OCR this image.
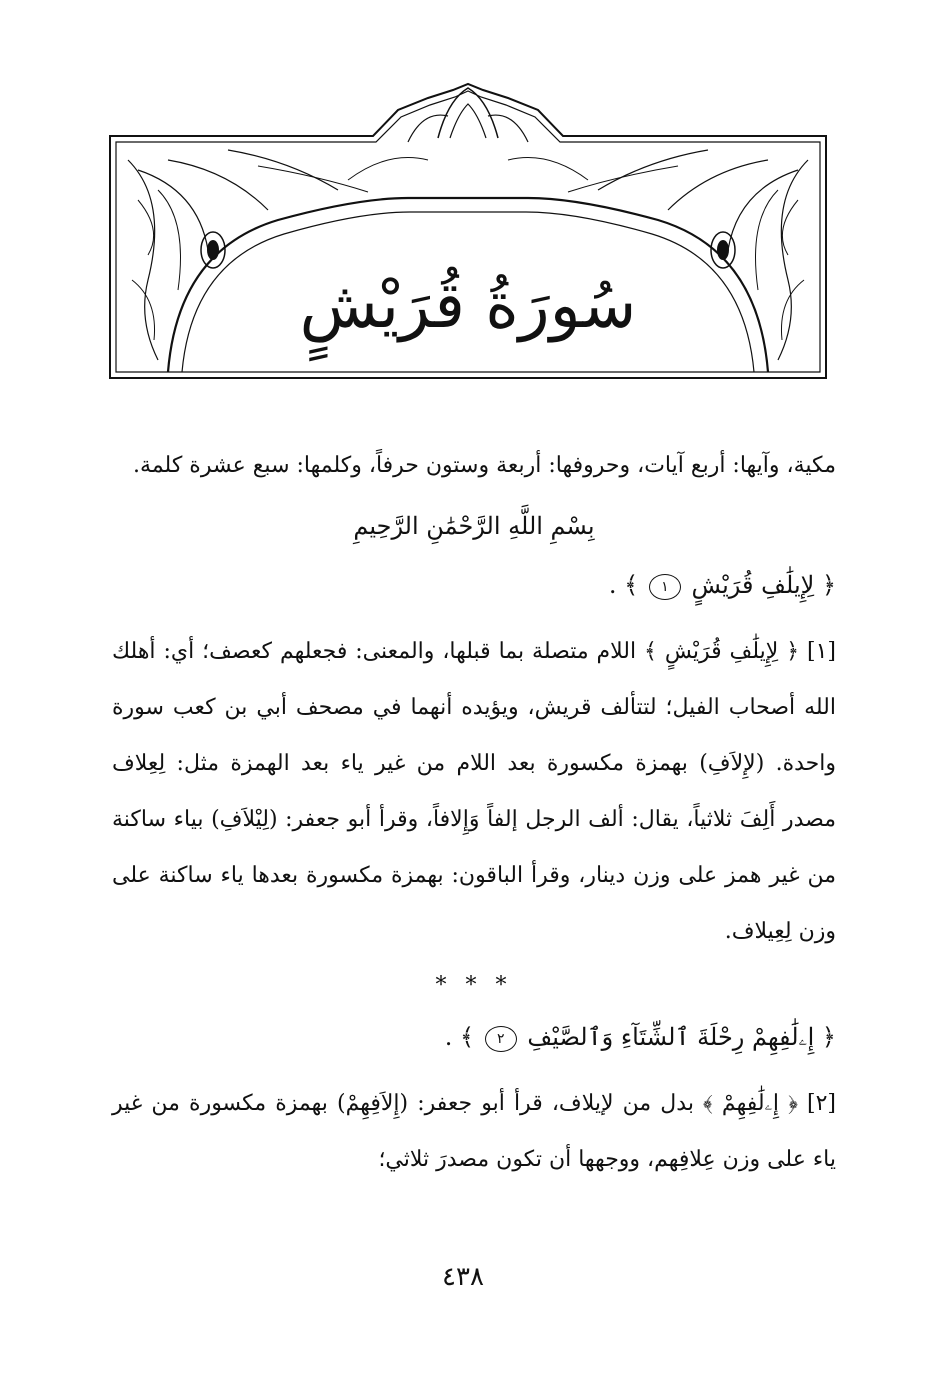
سُورَةُ قُرَيْشٍ

مكية، وآيها: أربع آيات، وحروفها: أربعة وستون حرفاً، وكلمها: سبع عشرة كلمة.

بِسْمِ اللَّهِ الرَّحْمَٰنِ الرَّحِيمِ

﴿ لِإِيلَٰفِ قُرَيْشٍ ١ ﴾ .

[١] ﴿ لِإِيلَٰفِ قُرَيْشٍ ﴾ اللام متصلة بما قبلها، والمعنى: فجعلهم كعصف؛ أي: أهلك الله أصحاب الفيل؛ لتتألف قريش، ويؤيده أنهما في مصحف أبي بن كعب سورة واحدة. (لإِلاَفِ) بهمزة مكسورة بعد اللام من غير ياء بعد الهمزة مثل: لِعِلاف مصدر أَلِفَ ثلاثياً، يقال: ألف الرجل إلفاً وَإِلافاً، وقرأ أبو جعفر: (لِيْلاَفِ) بياء ساكنة من غير همز على وزن دينار، وقرأ الباقون: بهمزة مكسورة بعدها ياء ساكنة على وزن لِعِيلاف.

* * *

﴿ إِۦلَٰفِهِمْ رِحْلَةَ ٱلشِّتَآءِ وَٱلصَّيْفِ ٢ ﴾ .

[٢] ﴿ إِۦلَٰفِهِمْ ﴾ بدل من لإيلاف، قرأ أبو جعفر: (إِلاَفِهِمْ) بهمزة مكسورة من غير ياء على وزن عِلافِهم، ووجهها أن تكون مصدرَ ثلاثي؛

٤٣٨
